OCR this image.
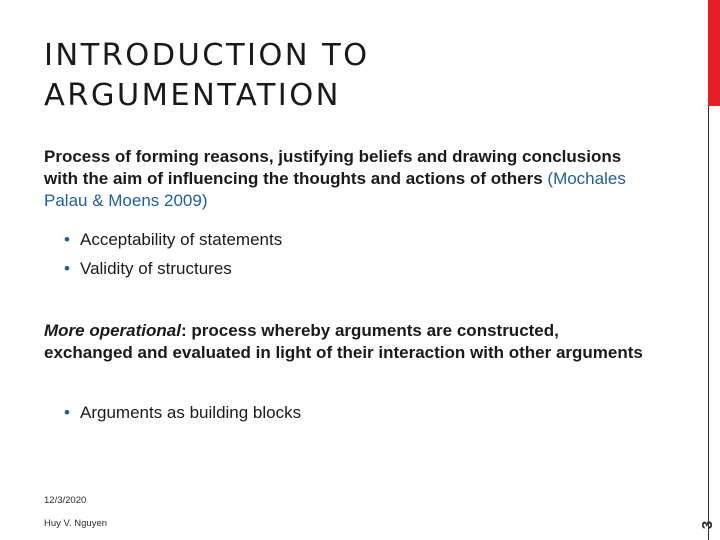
INTRODUCTION TO
ARGUMENTATION
Process of forming reasons, justifying beliefs and drawing conclusions with the aim of influencing the thoughts and actions of others (Mochales Palau & Moens 2009)
• Acceptability of statements
• Validity of structures
More operational: process whereby arguments are constructed, exchanged and evaluated in light of their interaction with other arguments
• Arguments as building blocks
12/3/2020
Huy V. Nguyen	3
